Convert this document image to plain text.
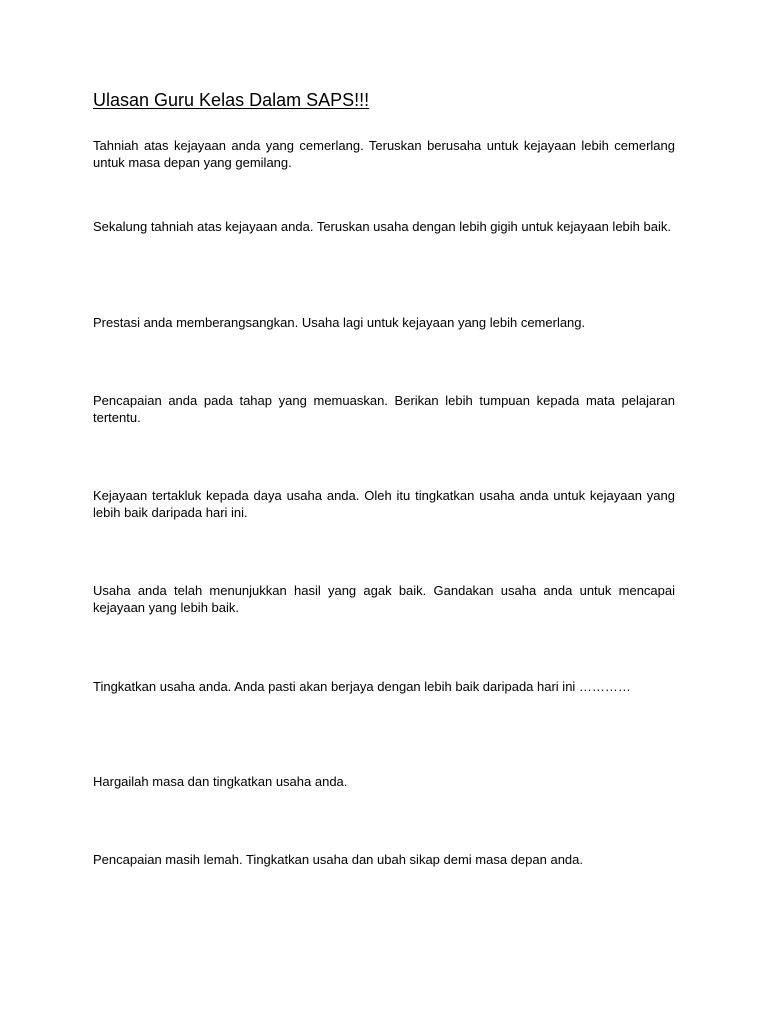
Ulasan Guru Kelas Dalam SAPS!!!

Tahniah atas kejayaan anda yang cemerlang. Teruskan berusaha untuk kejayaan lebih cemerlang untuk masa depan yang gemilang.

Sekalung tahniah atas kejayaan anda. Teruskan usaha dengan lebih gigih untuk kejayaan lebih baik.

Prestasi anda memberangsangkan. Usaha lagi untuk kejayaan yang lebih cemerlang.

Pencapaian anda pada tahap yang memuaskan. Berikan lebih tumpuan kepada mata pelajaran tertentu.

Kejayaan tertakluk kepada daya usaha anda. Oleh itu tingkatkan usaha anda untuk kejayaan yang lebih baik daripada hari ini.

Usaha anda telah menunjukkan hasil yang agak baik. Gandakan usaha anda untuk mencapai kejayaan yang lebih baik.

Tingkatkan usaha anda. Anda pasti akan berjaya dengan lebih baik daripada hari ini …………

Hargailah masa dan tingkatkan usaha anda.

Pencapaian masih lemah. Tingkatkan usaha dan ubah sikap demi masa depan anda.
